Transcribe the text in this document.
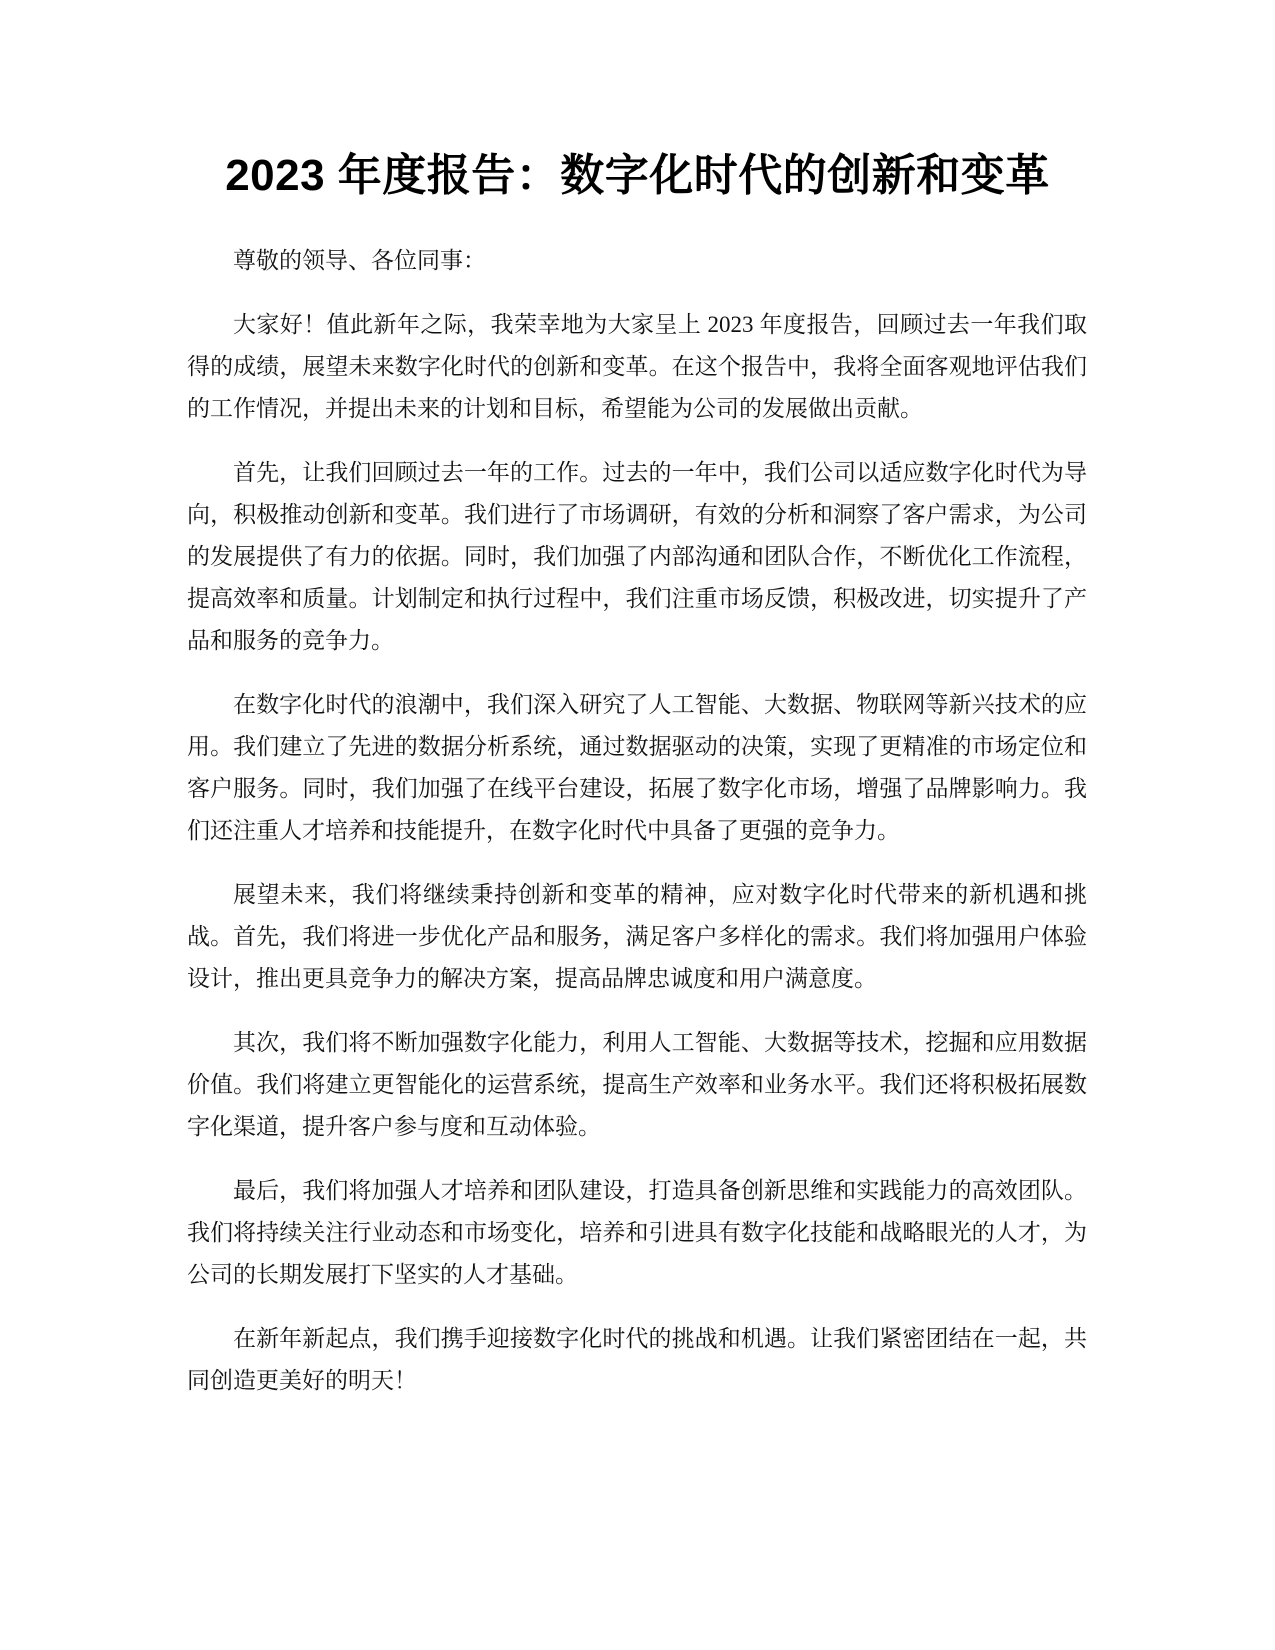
2023 年度报告：数字化时代的创新和变革

尊敬的领导、各位同事：

大家好！值此新年之际，我荣幸地为大家呈上 2023 年度报告，回顾过去一年我们取得的成绩，展望未来数字化时代的创新和变革。在这个报告中，我将全面客观地评估我们的工作情况，并提出未来的计划和目标，希望能为公司的发展做出贡献。

首先，让我们回顾过去一年的工作。过去的一年中，我们公司以适应数字化时代为导向，积极推动创新和变革。我们进行了市场调研，有效的分析和洞察了客户需求，为公司的发展提供了有力的依据。同时，我们加强了内部沟通和团队合作，不断优化工作流程，提高效率和质量。计划制定和执行过程中，我们注重市场反馈，积极改进，切实提升了产品和服务的竞争力。

在数字化时代的浪潮中，我们深入研究了人工智能、大数据、物联网等新兴技术的应用。我们建立了先进的数据分析系统，通过数据驱动的决策，实现了更精准的市场定位和客户服务。同时，我们加强了在线平台建设，拓展了数字化市场，增强了品牌影响力。我们还注重人才培养和技能提升，在数字化时代中具备了更强的竞争力。

展望未来，我们将继续秉持创新和变革的精神，应对数字化时代带来的新机遇和挑战。首先，我们将进一步优化产品和服务，满足客户多样化的需求。我们将加强用户体验设计，推出更具竞争力的解决方案，提高品牌忠诚度和用户满意度。

其次，我们将不断加强数字化能力，利用人工智能、大数据等技术，挖掘和应用数据价值。我们将建立更智能化的运营系统，提高生产效率和业务水平。我们还将积极拓展数字化渠道，提升客户参与度和互动体验。

最后，我们将加强人才培养和团队建设，打造具备创新思维和实践能力的高效团队。我们将持续关注行业动态和市场变化，培养和引进具有数字化技能和战略眼光的人才，为公司的长期发展打下坚实的人才基础。

在新年新起点，我们携手迎接数字化时代的挑战和机遇。让我们紧密团结在一起，共同创造更美好的明天！
